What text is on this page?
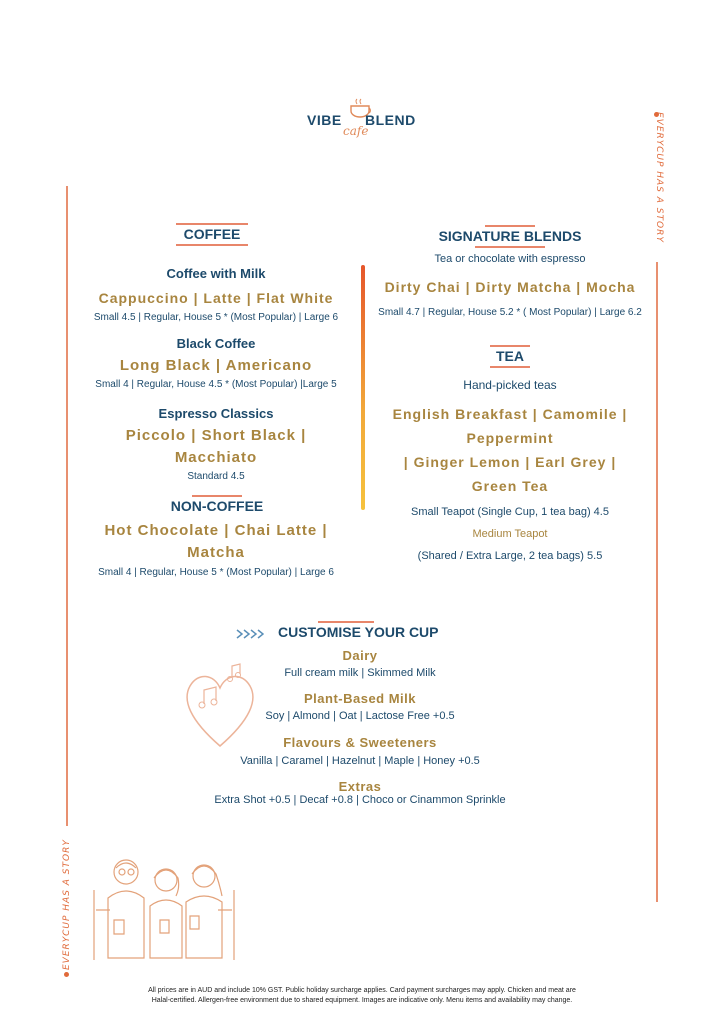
VIBE BLEND
cafe	EVERYCUP HAS A STORY
EVERYCUP HAS A STORY
COFFEE
Coffee with Milk
Cappuccino | Latte | Flat White
Small 4.5 | Regular, House 5 * (Most Popular) | Large 6
Black Coffee
Long Black | Americano
Small 4 | Regular, House 4.5 * (Most Popular) |Large 5
Espresso Classics
Piccolo | Short Black |
Macchiato
Standard 4.5
NON-COFFEE
Hot Chocolate | Chai Latte |
Matcha
Small 4 | Regular, House 5 * (Most Popular) | Large 6
SIGNATURE BLENDS
Tea or chocolate with espresso
Dirty Chai | Dirty Matcha | Mocha
Small 4.7 | Regular, House 5.2 * ( Most Popular) | Large 6.2
TEA
Hand-picked teas
English Breakfast | Camomile |
Peppermint
| Ginger Lemon | Earl Grey |
Green Tea
Small Teapot (Single Cup, 1 tea bag) 4.5
Medium Teapot
(Shared / Extra Large, 2 tea bags) 5.5
CUSTOMISE YOUR CUP
Dairy
Full cream milk | Skimmed Milk
Plant-Based Milk
Soy | Almond | Oat | Lactose Free +0.5
Flavours & Sweeteners
Vanilla | Caramel | Hazelnut | Maple | Honey +0.5
Extras
Extra Shot +0.5 | Decaf +0.8 | Choco or Cinammon Sprinkle
All prices are in AUD and include 10% GST. Public holiday surcharge applies. Card payment surcharges may apply. Chicken and meat are
Halal-certified. Allergen-free environment due to shared equipment. Images are indicative only. Menu items and availability may change.
